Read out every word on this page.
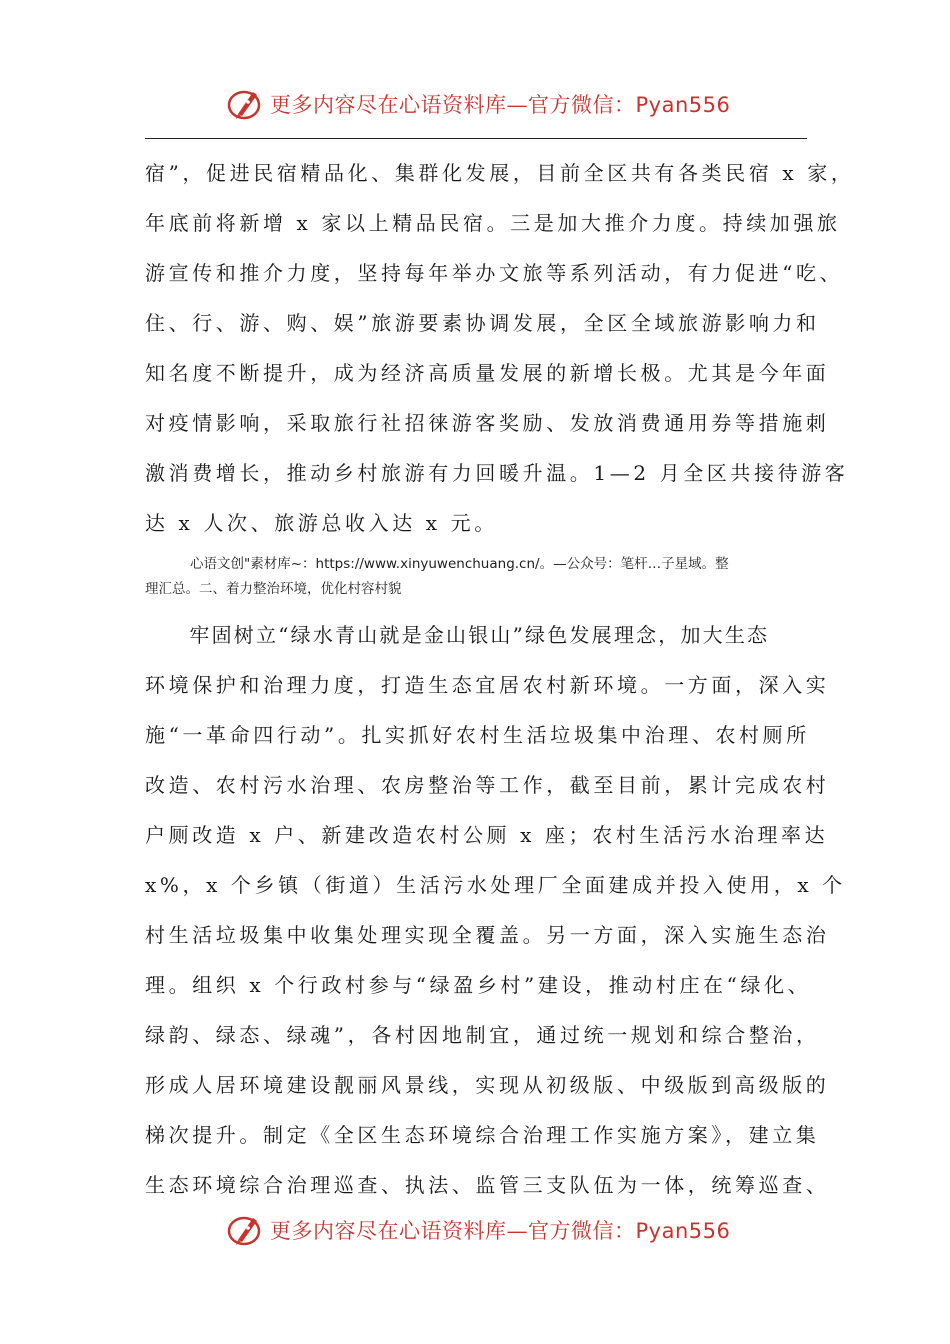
更多内容尽在心语资料库—官方微信：Pyan556

宿”，促进民宿精品化、集群化发展，目前全区共有各类民宿 x 家，
年底前将新增 x 家以上精品民宿。三是加大推介力度。持续加强旅
游宣传和推介力度，坚持每年举办文旅等系列活动，有力促进“吃、
住、行、游、购、娱”旅游要素协调发展，全区全域旅游影响力和
知名度不断提升，成为经济高质量发展的新增长极。尤其是今年面
对疫情影响，采取旅行社招徕游客奖励、发放消费通用券等措施刺
激消费增长，推动乡村旅游有力回暖升温。1—2 月全区共接待游客
达 x 人次、旅游总收入达 x 元。

心语文创"素材库~：https://www.xinyuwenchuang.cn/。—公众号：笔杆…子星域。整
理汇总。二、着力整治环境，优化村容村貌

　　牢固树立“绿水青山就是金山银山”绿色发展理念，加大生态
环境保护和治理力度，打造生态宜居农村新环境。一方面，深入实
施“一革命四行动”。扎实抓好农村生活垃圾集中治理、农村厕所
改造、农村污水治理、农房整治等工作，截至目前，累计完成农村
户厕改造 x 户、新建改造农村公厕 x 座；农村生活污水治理率达
x%，x 个乡镇（街道）生活污水处理厂全面建成并投入使用，x 个
村生活垃圾集中收集处理实现全覆盖。另一方面，深入实施生态治
理。组织 x 个行政村参与“绿盈乡村”建设，推动村庄在“绿化、
绿韵、绿态、绿魂”，各村因地制宜，通过统一规划和综合整治，
形成人居环境建设靓丽风景线，实现从初级版、中级版到高级版的
梯次提升。制定《全区生态环境综合治理工作实施方案》，建立集
生态环境综合治理巡查、执法、监管三支队伍为一体，统筹巡查、

更多内容尽在心语资料库—官方微信：Pyan556
